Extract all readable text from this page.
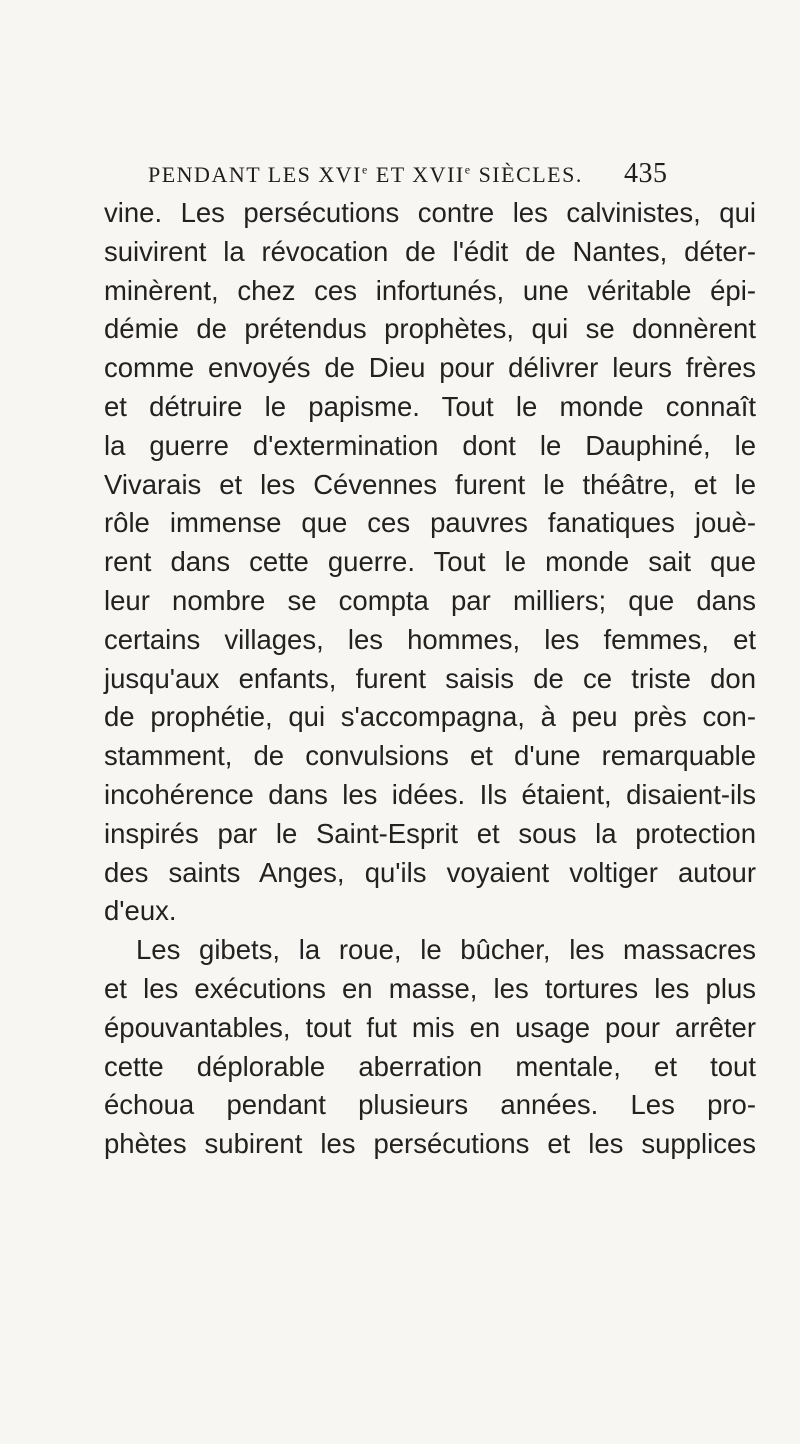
PENDANT LES XVIe ET XVIIe SIÈCLES. 435
vine. Les persécutions contre les calvinistes, qui
suivirent la révocation de l'édit de Nantes, déter-
minèrent, chez ces infortunés, une véritable épi-
démie de prétendus prophètes, qui se donnèrent
comme envoyés de Dieu pour délivrer leurs frères
et détruire le papisme. Tout le monde connaît
la guerre d'extermination dont le Dauphiné, le
Vivarais et les Cévennes furent le théâtre, et le
rôle immense que ces pauvres fanatiques jouè-
rent dans cette guerre. Tout le monde sait que
leur nombre se compta par milliers; que dans
certains villages, les hommes, les femmes, et
jusqu'aux enfants, furent saisis de ce triste don
de prophétie, qui s'accompagna, à peu près con-
stamment, de convulsions et d'une remarquable
incohérence dans les idées. Ils étaient, disaient-ils
inspirés par le Saint-Esprit et sous la protection
des saints Anges, qu'ils voyaient voltiger autour
d'eux.
Les gibets, la roue, le bûcher, les massacres
et les exécutions en masse, les tortures les plus
épouvantables, tout fut mis en usage pour arrêter
cette déplorable aberration mentale, et tout
échoua pendant plusieurs années. Les pro-
phètes subirent les persécutions et les supplices
